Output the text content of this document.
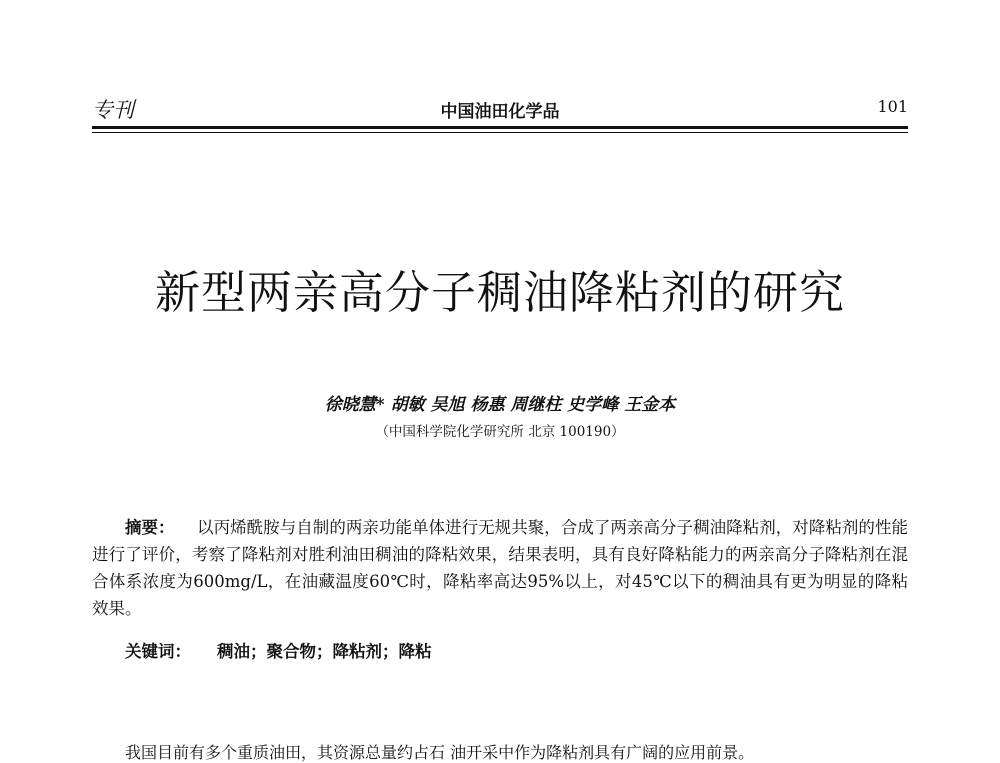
专刊	中国油田化学品	101
新型两亲高分子稠油降粘剂的研究
徐晓慧* 胡敏 吴旭 杨惠 周继柱 史学峰 王金本
（中国科学院化学研究所 北京 100190）
摘要： 以丙烯酰胺与自制的两亲功能单体进行无规共聚，合成了两亲高分子稠油降粘剂，对降粘剂的性能进行了评价，考察了降粘剂对胜利油田稠油的降粘效果，结果表明，具有良好降粘能力的两亲高分子降粘剂在混合体系浓度为600mg/L，在油藏温度60℃时，降粘率高达95%以上，对45℃以下的稠油具有更为明显的降粘效果。
关键词： 稠油；聚合物；降粘剂；降粘
我国目前有多个重质油田，其资源总量约占石 油开采中作为降粘剂具有广阔的应用前景。
